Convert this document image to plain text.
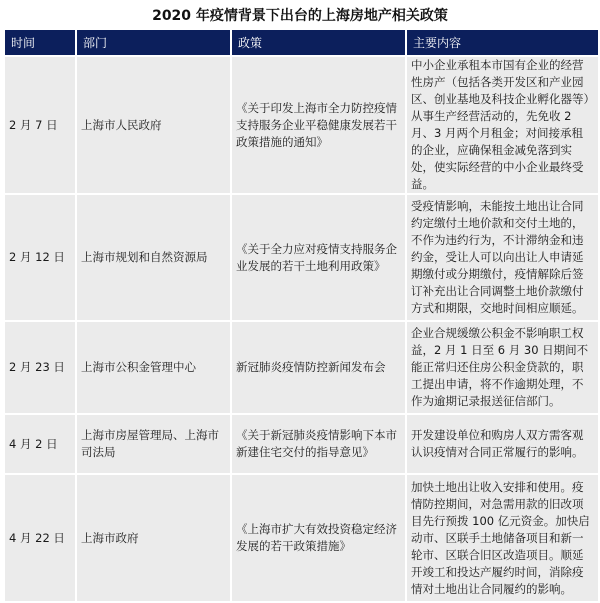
2020 年疫情背景下出台的上海房地产相关政策
时间	部门	政策	主要内容
2 月 7 日	上海市人民政府	《关于印发上海市全力防控疫情支持服务企业平稳健康发展若干政策措施的通知》	中小企业承租本市国有企业的经营性房产（包括各类开发区和产业园区、创业基地及科技企业孵化器等）从事生产经营活动的，先免收 2 月、3 月两个月租金；对间接承租的企业，应确保租金减免落到实处，使实际经营的中小企业最终受益。
2 月 12 日	上海市规划和自然资源局	《关于全力应对疫情支持服务企业发展的若干土地利用政策》	受疫情影响，未能按土地出让合同约定缴付土地价款和交付土地的，不作为违约行为，不计滞纳金和违约金，受让人可以向出让人申请延期缴付或分期缴付，疫情解除后签订补充出让合同调整土地价款缴付方式和期限，交地时间相应顺延。
2 月 23 日	上海市公积金管理中心	新冠肺炎疫情防控新闻发布会	企业合规缓缴公积金不影响职工权益，2 月 1 日至 6 月 30 日期间不能正常归还住房公积金贷款的，职工提出申请，将不作逾期处理，不作为逾期记录报送征信部门。
4 月 2 日	上海市房屋管理局、上海市司法局	《关于新冠肺炎疫情影响下本市新建住宅交付的指导意见》	开发建设单位和购房人双方需客观认识疫情对合同正常履行的影响。
4 月 22 日	上海市政府	《上海市扩大有效投资稳定经济发展的若干政策措施》	加快土地出让收入安排和使用。疫情防控期间，对急需用款的旧改项目先行预拨 100 亿元资金。加快启动市、区联手土地储备项目和新一轮市、区联合旧区改造项目。顺延开竣工和投达产履约时间，消除疫情对土地出让合同履约的影响。
